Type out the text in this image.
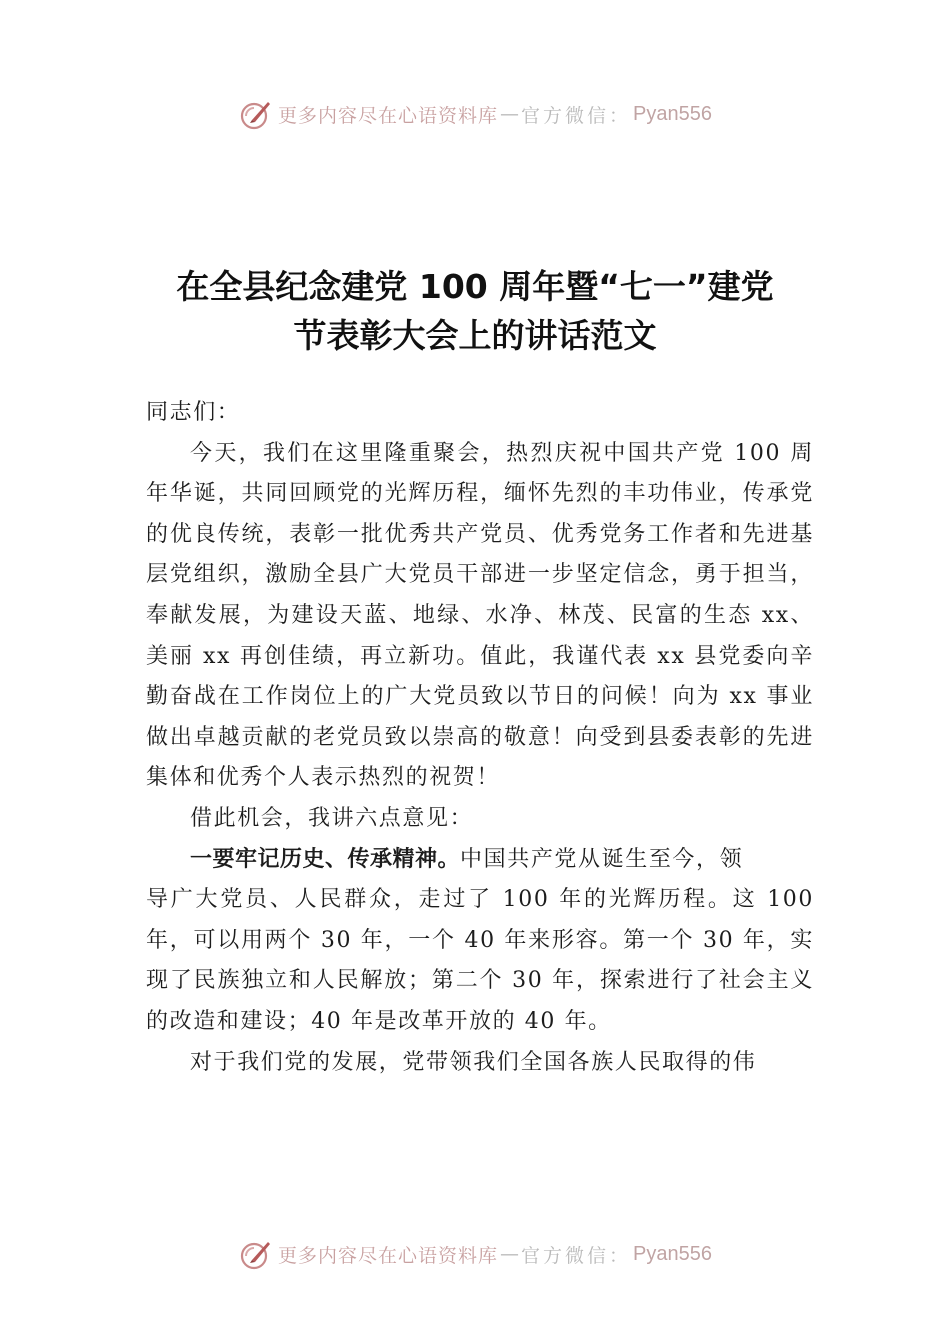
更多内容尽在心语资料库 — 官方微信： Pyan556
在全县纪念建党 100 周年暨“七一”建党
节表彰大会上的讲话范文

同志们：

今天，我们在这里隆重聚会，热烈庆祝中国共产党 100 周年华诞，共同回顾党的光辉历程，缅怀先烈的丰功伟业，传承党的优良传统，表彰一批优秀共产党员、优秀党务工作者和先进基层党组织，激励全县广大党员干部进一步坚定信念，勇于担当，奉献发展，为建设天蓝、地绿、水净、林茂、民富的生态 xx、美丽 xx 再创佳绩，再立新功。值此，我谨代表 xx 县党委向辛勤奋战在工作岗位上的广大党员致以节日的问候！向为 xx 事业做出卓越贡献的老党员致以崇高的敬意！向受到县委表彰的先进集体和优秀个人表示热烈的祝贺！

借此机会，我讲六点意见：

一要牢记历史、传承精神。中国共产党从诞生至今，领

导广大党员、人民群众，走过了 100 年的光辉历程。这 100 年，可以用两个 30 年，一个 40 年来形容。第一个 30 年，实现了民族独立和人民解放；第二个 30 年，探索进行了社会主义的改造和建设；40 年是改革开放的 40 年。

对于我们党的发展，党带领我们全国各族人民取得的伟

更多内容尽在心语资料库 — 官方微信： Pyan556
